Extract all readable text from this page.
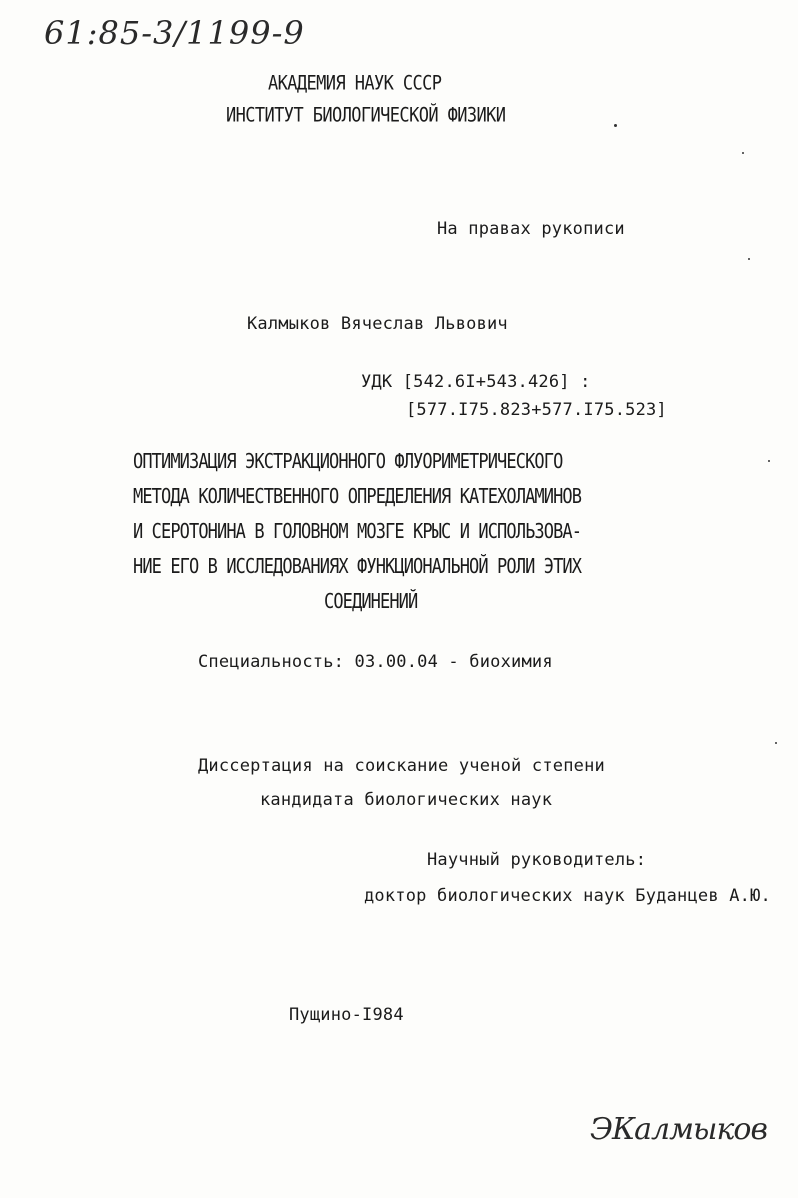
61:85-3/1199-9
АКАДЕМИЯ НАУК СССР
ИНСТИТУТ БИОЛОГИЧЕСКОЙ ФИЗИКИ
На правах рукописи
Калмыков Вячеслав Львович
УДК [542.6I+543.426] :
[577.I75.823+577.I75.523]
ОПТИМИЗАЦИЯ ЭКСТРАКЦИОННОГО ФЛУОРИМЕТРИЧЕСКОГО
МЕТОДА КОЛИЧЕСТВЕННОГО ОПРЕДЕЛЕНИЯ КАТЕХОЛАМИНОВ
И СЕРОТОНИНА В ГОЛОВНОМ МОЗГЕ КРЫС И ИСПОЛЬЗОВА-
НИЕ ЕГО В ИССЛЕДОВАНИЯХ ФУНКЦИОНАЛЬНОЙ РОЛИ ЭТИХ
СОЕДИНЕНИЙ
Специальность: 03.00.04 - биохимия
Диссертация на соискание ученой степени
кандидата биологических наук
Научный руководитель:
доктор биологических наук Буданцев А.Ю.
Пущино-I984
ЭКалмыков
